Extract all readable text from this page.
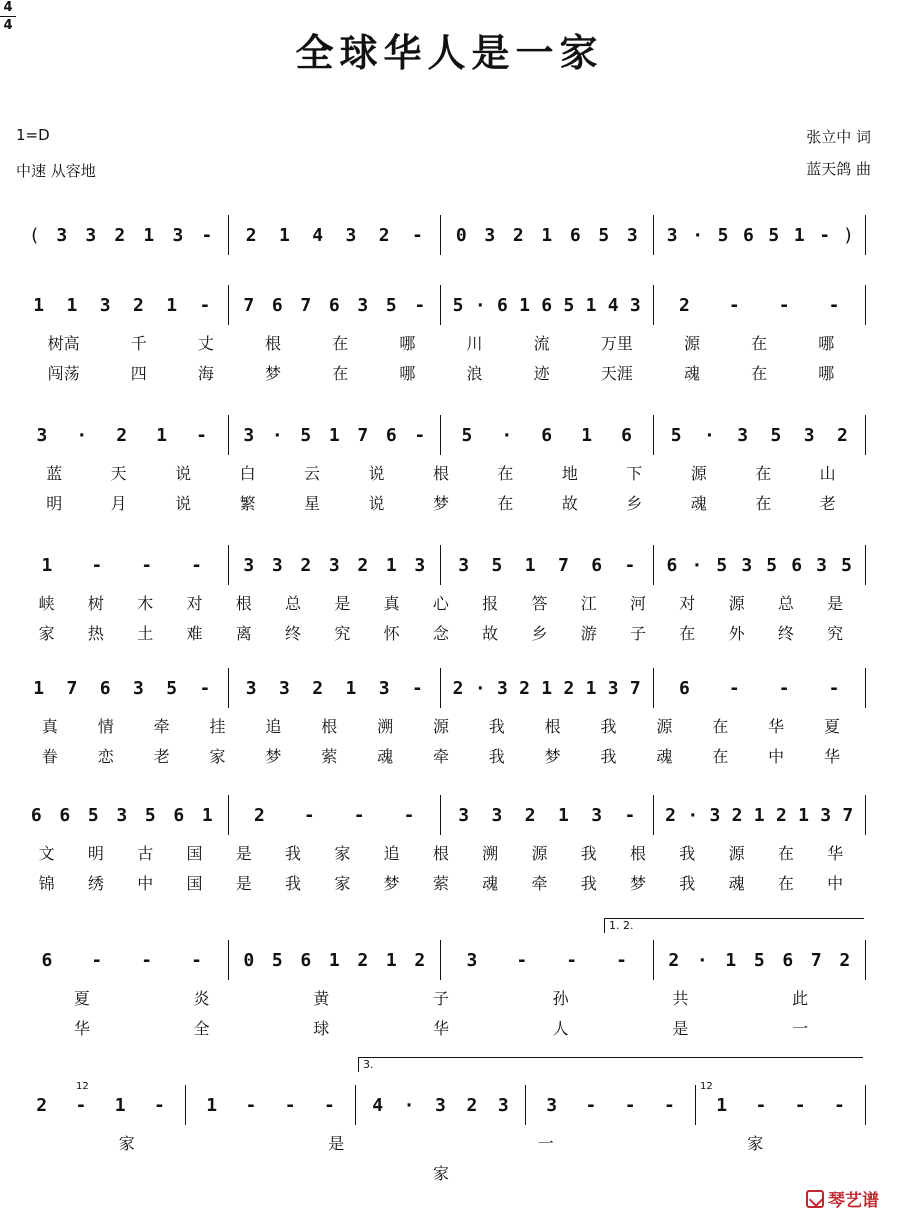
全球华人是一家
1=D
4
4
中速 从容地
张立中 词
蓝天鸽 曲
( 3 3 2 1 3 - 2 1 4 3 2 - 0 3 2 1 6 5 3 3 · 5 6 5 1 - )
1 1 3 2 1 - 7 6 7 6 3 5 - 5 · 6 1 6 5 1 4 3 2 - - -
树高	千	丈	根	在	哪	川	流	万里	源	在	哪
闯荡	四	海	梦	在	哪	浪	迹	天涯	魂	在	哪
3 · 2 1 - 3 · 5 1 7 6 - 5 · 6 1 6 5 · 3 5 3 2
蓝	天	说	白	云	说	根	在	地	下	源	在	山
明	月	说	繁	星	说	梦	在	故	乡	魂	在	老
1 - - - 3 3 2 3 2 1 3 3 5 1 7 6 - 6 · 5 3 5 6 3 5
峡 树 木 对 根 总 是 真 心 报 答 江 河 对 源 总 是
家 热 土 难 离 终 究 怀 念 故 乡 游 子 在 外 终 究
1 7 6 3 5 - 3 3 2 1 3 - 2 · 3 2 1 2 1 3 7 6 - - -
真 情 牵 挂 追 根 溯 源 我 根 我 源 在 华 夏
眷 恋 老 家 梦 萦 魂 牵 我 梦 我 魂 在 中 华
6 6 5 3 5 6 1 2 - - - 3 3 2 1 3 - 2 · 3 2 1 2 1 3 7
文 明 古 国 是 我 家 追 根 溯 源 我 根 我 源 在 华
锦 绣 中 国 是 我 家 梦 萦 魂 牵 我 梦 我 魂 在 中
6 - - - 0 5 6 1 2 1 2 3 - - - 2 · 1 5 6 7 2
1. 2.
夏	炎	黄	子	孙	共	此
华	全	球	华	人	是	一
2 - 1 - 1 - - - 4 · 3 2 3 3 - - - 1 - - -
3.
12	12
家	是	一	家
家
琴艺谱
